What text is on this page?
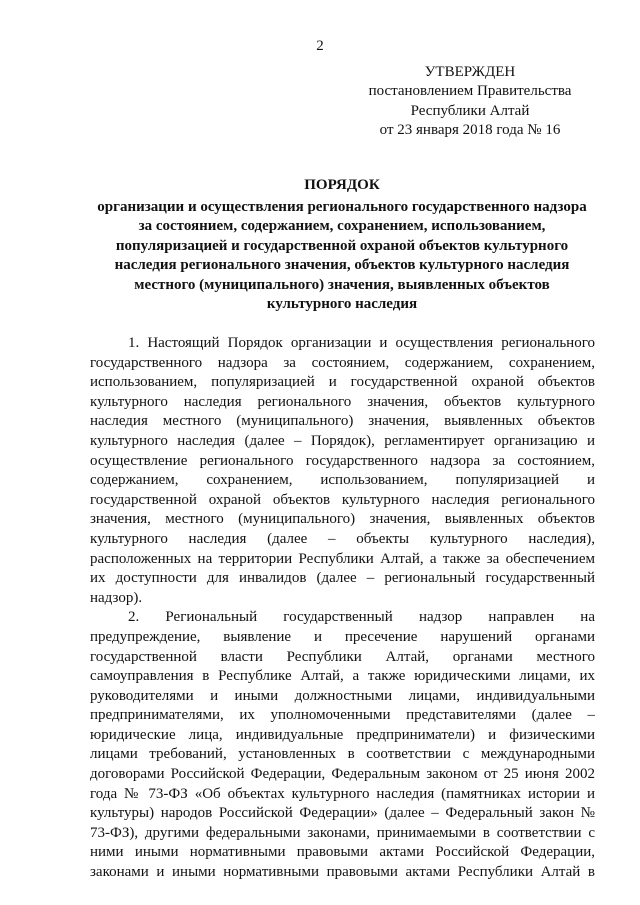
2
УТВЕРЖДЕН
постановлением Правительства
Республики Алтай
от 23 января 2018 года № 16
ПОРЯДОК
организации и осуществления регионального государственного надзора
за состоянием, содержанием, сохранением, использованием,
популяризацией и государственной охраной объектов культурного
наследия регионального значения, объектов культурного наследия
местного (муниципального) значения, выявленных объектов
культурного наследия
1. Настоящий Порядок организации и осуществления регионального
государственного надзора за состоянием, содержанием, сохранением,
использованием, популяризацией и государственной охраной объектов
культурного наследия регионального значения, объектов культурного
наследия местного (муниципального) значения, выявленных объектов
культурного наследия (далее – Порядок), регламентирует организацию и
осуществление регионального государственного надзора за состоянием,
содержанием, сохранением, использованием, популяризацией и
государственной охраной объектов культурного наследия регионального
значения, местного (муниципального) значения, выявленных объектов
культурного наследия (далее – объекты культурного наследия),
расположенных на территории Республики Алтай, а также за обеспечением
их доступности для инвалидов (далее – региональный государственный
надзор).
2. Региональный государственный надзор направлен на
предупреждение, выявление и пресечение нарушений органами
государственной власти Республики Алтай, органами местного
самоуправления в Республике Алтай, а также юридическими лицами, их
руководителями и иными должностными лицами, индивидуальными
предпринимателями, их уполномоченными представителями (далее –
юридические лица, индивидуальные предприниматели) и физическими
лицами требований, установленных в соответствии с международными
договорами Российской Федерации, Федеральным законом от 25 июня 2002
года № 73-ФЗ «Об объектах культурного наследия (памятниках истории и
культуры) народов Российской Федерации» (далее – Федеральный закон №
73-ФЗ), другими федеральными законами, принимаемыми в соответствии с
ними иными нормативными правовыми актами Российской Федерации,
законами и иными нормативными правовыми актами Республики Алтай в
